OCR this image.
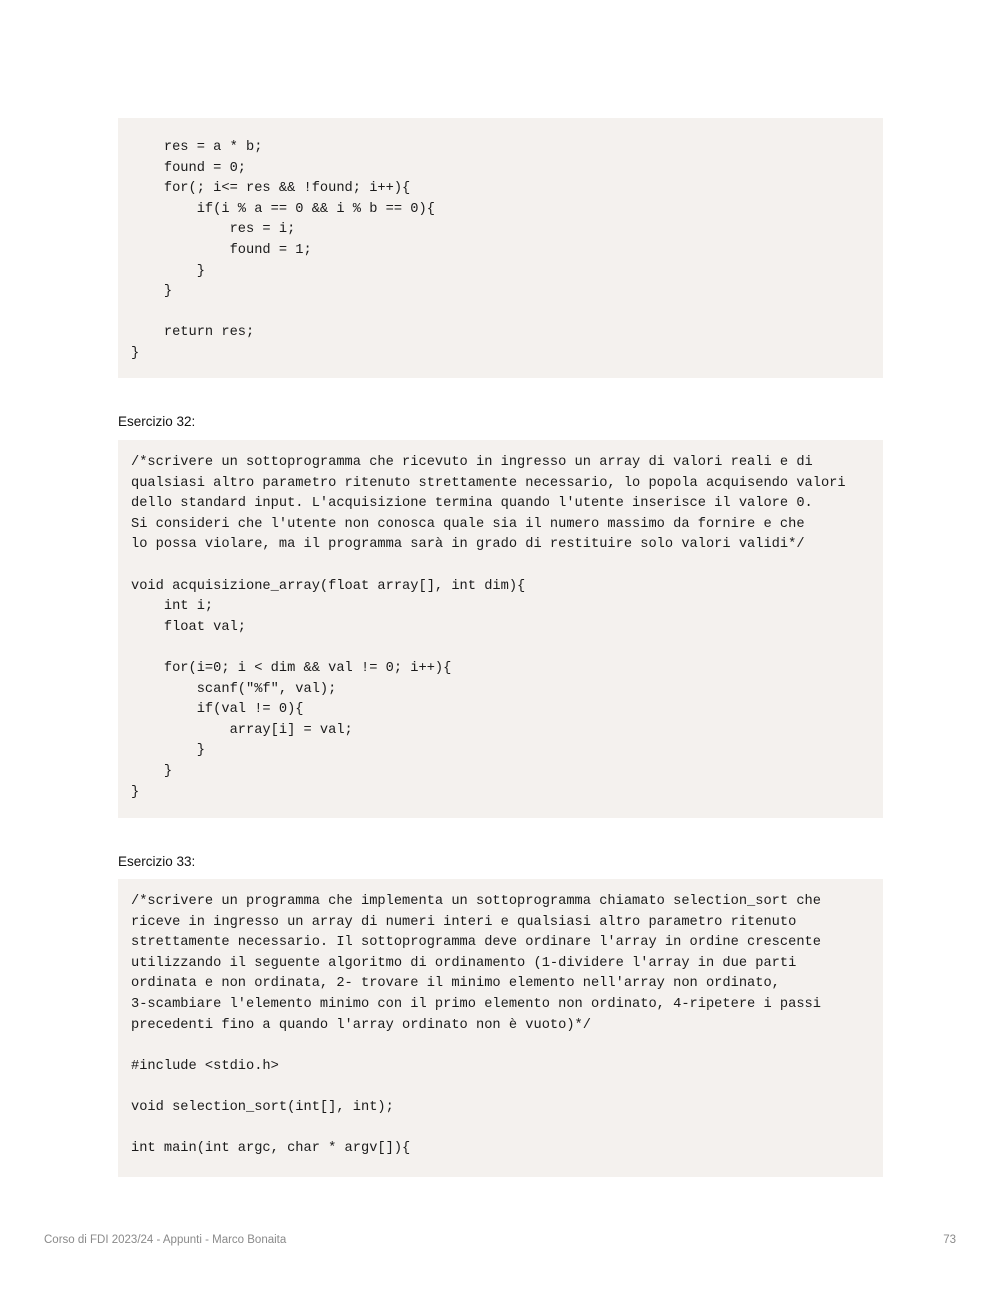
res = a * b;
found = 0;
for(; i<= res && !found; i++){
if(i % a == 0 && i % b == 0){
res = i;
found = 1;
}
}

return res;
}

Esercizio 32:

/*scrivere un sottoprogramma che ricevuto in ingresso un array di valori reali e di
qualsiasi altro parametro ritenuto strettamente necessario, lo popola acquisendo valori
dello standard input. L'acquisizione termina quando l'utente inserisce il valore 0.
Si consideri che l'utente non conosca quale sia il numero massimo da fornire e che
lo possa violare, ma il programma sarà in grado di restituire solo valori validi*/

void acquisizione_array(float array[], int dim){
int i;
float val;

for(i=0; i < dim && val != 0; i++){
scanf("%f", val);
if(val != 0){
array[i] = val;
}
}
}

Esercizio 33:

/*scrivere un programma che implementa un sottoprogramma chiamato selection_sort che
riceve in ingresso un array di numeri interi e qualsiasi altro parametro ritenuto
strettamente necessario. Il sottoprogramma deve ordinare l'array in ordine crescente
utilizzando il seguente algoritmo di ordinamento (1-dividere l'array in due parti
ordinata e non ordinata, 2- trovare il minimo elemento nell'array non ordinato,
3-scambiare l'elemento minimo con il primo elemento non ordinato, 4-ripetere i passi
precedenti fino a quando l'array ordinato non è vuoto)*/

#include <stdio.h>

void selection_sort(int[], int);

int main(int argc, char * argv[]){
Corso di FDI 2023/24 - Appunti - Marco Bonaita	73
